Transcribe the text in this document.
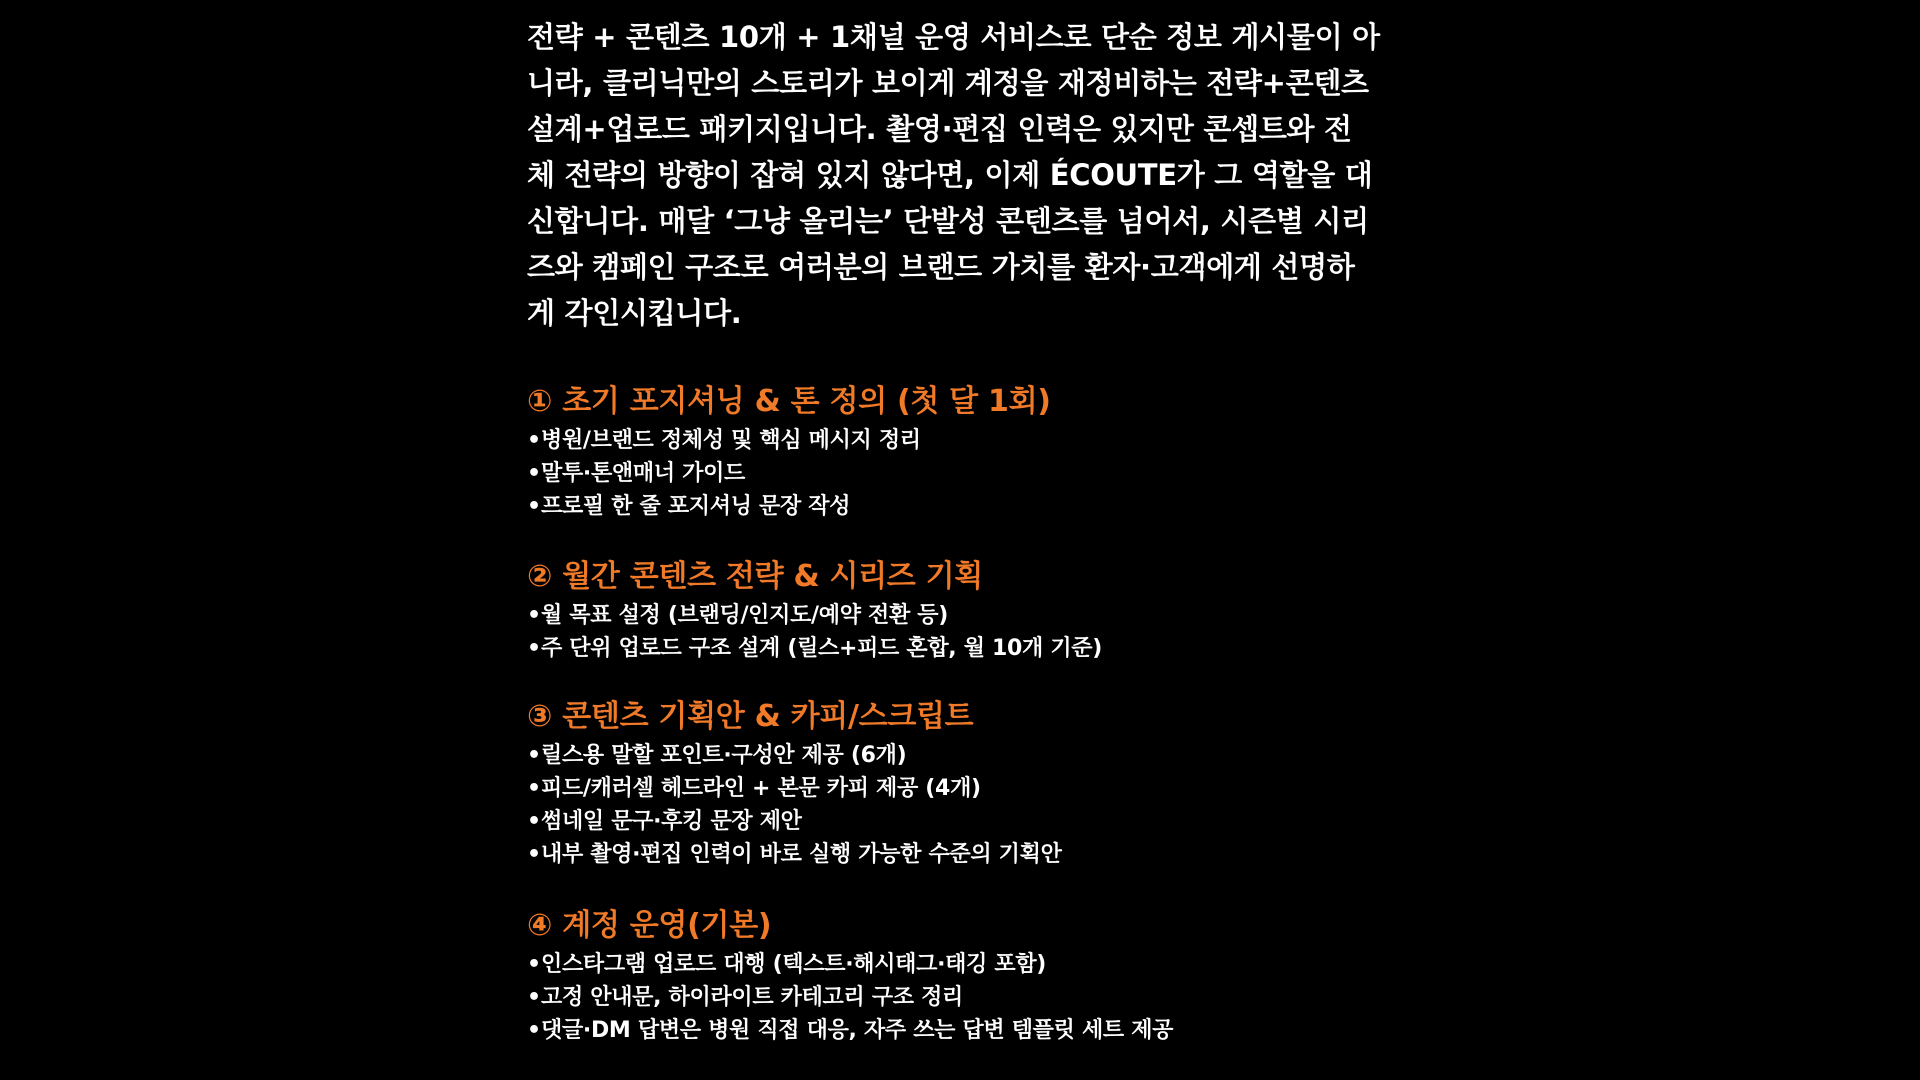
전략 + 콘텐츠 10개 + 1채널 운영 서비스로 단순 정보 게시물이 아
니라, 클리닉만의 스토리가 보이게 계정을 재정비하는 전략+콘텐츠
설계+업로드 패키지입니다. 촬영·편집 인력은 있지만 콘셉트와 전
체 전략의 방향이 잡혀 있지 않다면, 이제 ÉCOUTE가 그 역할을 대
신합니다. 매달 ‘그냥 올리는’ 단발성 콘텐츠를 넘어서, 시즌별 시리
즈와 캠페인 구조로 여러분의 브랜드 가치를 환자·고객에게 선명하
게 각인시킵니다.
① 초기 포지셔닝 & 톤 정의 (첫 달 1회)
•병원/브랜드 정체성 및 핵심 메시지 정리
•말투·톤앤매너 가이드
•프로필 한 줄 포지셔닝 문장 작성
② 월간 콘텐츠 전략 & 시리즈 기획
•월 목표 설정 (브랜딩/인지도/예약 전환 등)
•주 단위 업로드 구조 설계 (릴스+피드 혼합, 월 10개 기준)
③ 콘텐츠 기획안 & 카피/스크립트
•릴스용 말할 포인트·구성안 제공 (6개)
•피드/캐러셀 헤드라인 + 본문 카피 제공 (4개)
•썸네일 문구·후킹 문장 제안
•내부 촬영·편집 인력이 바로 실행 가능한 수준의 기획안
④ 계정 운영(기본)
•인스타그램 업로드 대행 (텍스트·해시태그·태깅 포함)
•고정 안내문, 하이라이트 카테고리 구조 정리
•댓글·DM 답변은 병원 직접 대응, 자주 쓰는 답변 템플릿 세트 제공
